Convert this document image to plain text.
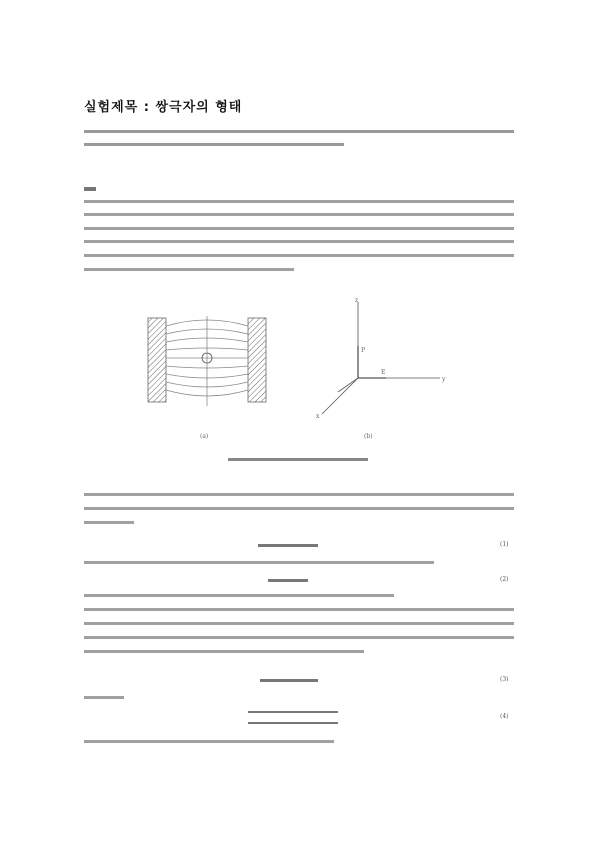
실험제목 : 쌍극자의 형태
z
y
x
P
E
(a)	(b)
(1)
(2)
(3)
(4)
